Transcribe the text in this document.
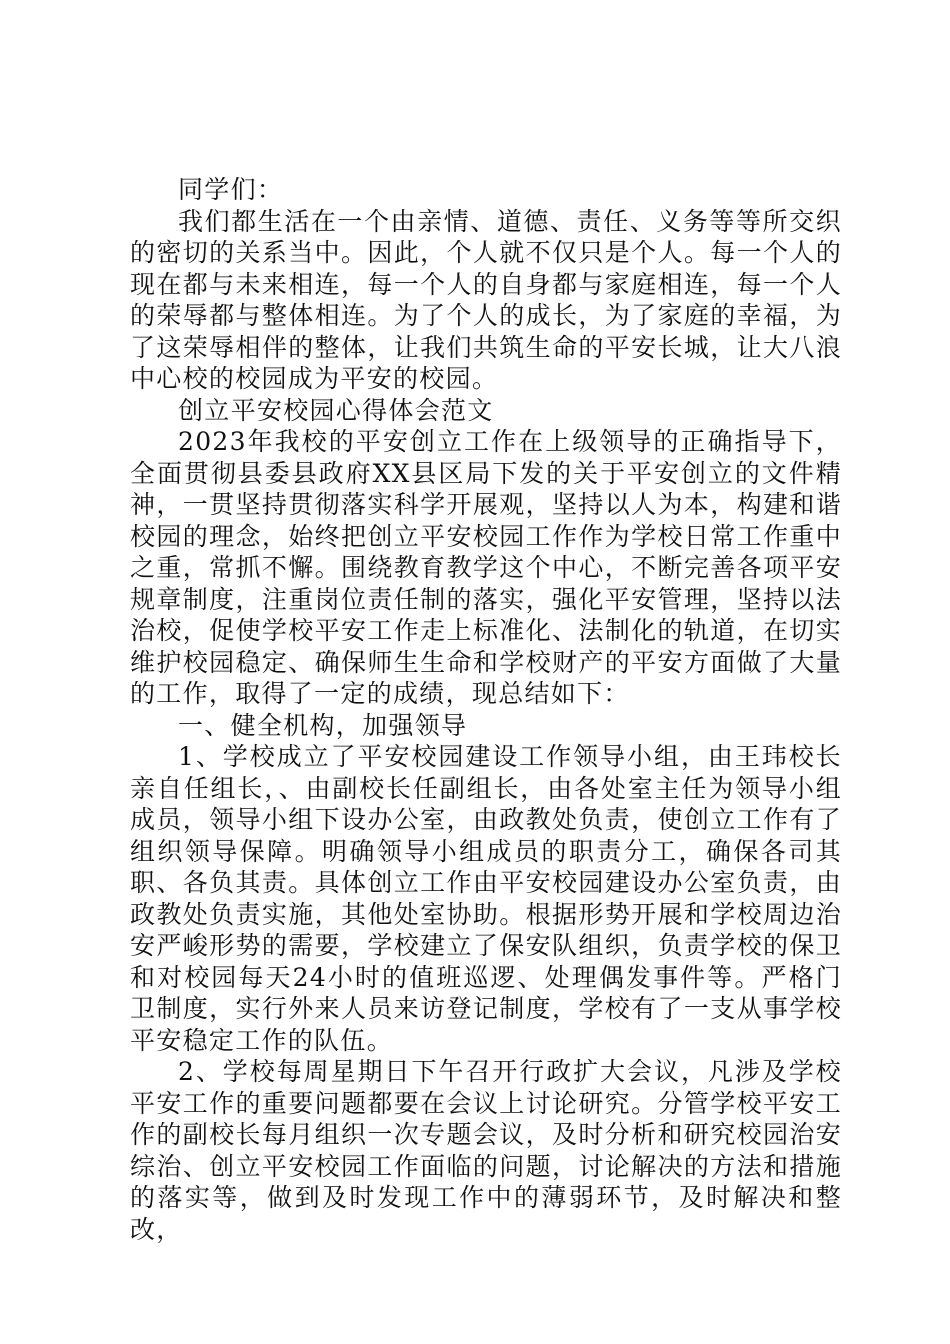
同学们：

我们都生活在一个由亲情、道德、责任、义务等等所交织的密切的关系当中。因此，个人就不仅只是个人。每一个人的现在都与未来相连，每一个人的自身都与家庭相连，每一个人的荣辱都与整体相连。为了个人的成长，为了家庭的幸福，为了这荣辱相伴的整体，让我们共筑生命的平安长城，让大八浪中心校的校园成为平安的校园。

创立平安校园心得体会范文

2023年我校的平安创立工作在上级领导的正确指导下，全面贯彻县委县政府XX县区局下发的关于平安创立的文件精神，一贯坚持贯彻落实科学开展观，坚持以人为本，构建和谐校园的理念，始终把创立平安校园工作作为学校日常工作重中之重，常抓不懈。围绕教育教学这个中心，不断完善各项平安规章制度，注重岗位责任制的落实，强化平安管理，坚持以法治校，促使学校平安工作走上标准化、法制化的轨道，在切实维护校园稳定、确保师生生命和学校财产的平安方面做了大量的工作，取得了一定的成绩，现总结如下：

一、健全机构，加强领导

1、学校成立了平安校园建设工作领导小组，由王玮校长亲自任组长，、由副校长任副组长，由各处室主任为领导小组成员，领导小组下设办公室，由政教处负责，使创立工作有了组织领导保障。明确领导小组成员的职责分工，确保各司其职、各负其责。具体创立工作由平安校园建设办公室负责，由政教处负责实施，其他处室协助。根据形势开展和学校周边治安严峻形势的需要，学校建立了保安队组织，负责学校的保卫和对校园每天24小时的值班巡逻、处理偶发事件等。严格门卫制度，实行外来人员来访登记制度，学校有了一支从事学校平安稳定工作的队伍。

2、学校每周星期日下午召开行政扩大会议，凡涉及学校平安工作的重要问题都要在会议上讨论研究。分管学校平安工作的副校长每月组织一次专题会议，及时分析和研究校园治安综治、创立平安校园工作面临的问题，讨论解决的方法和措施的落实等，做到及时发现工作中的薄弱环节，及时解决和整改，
